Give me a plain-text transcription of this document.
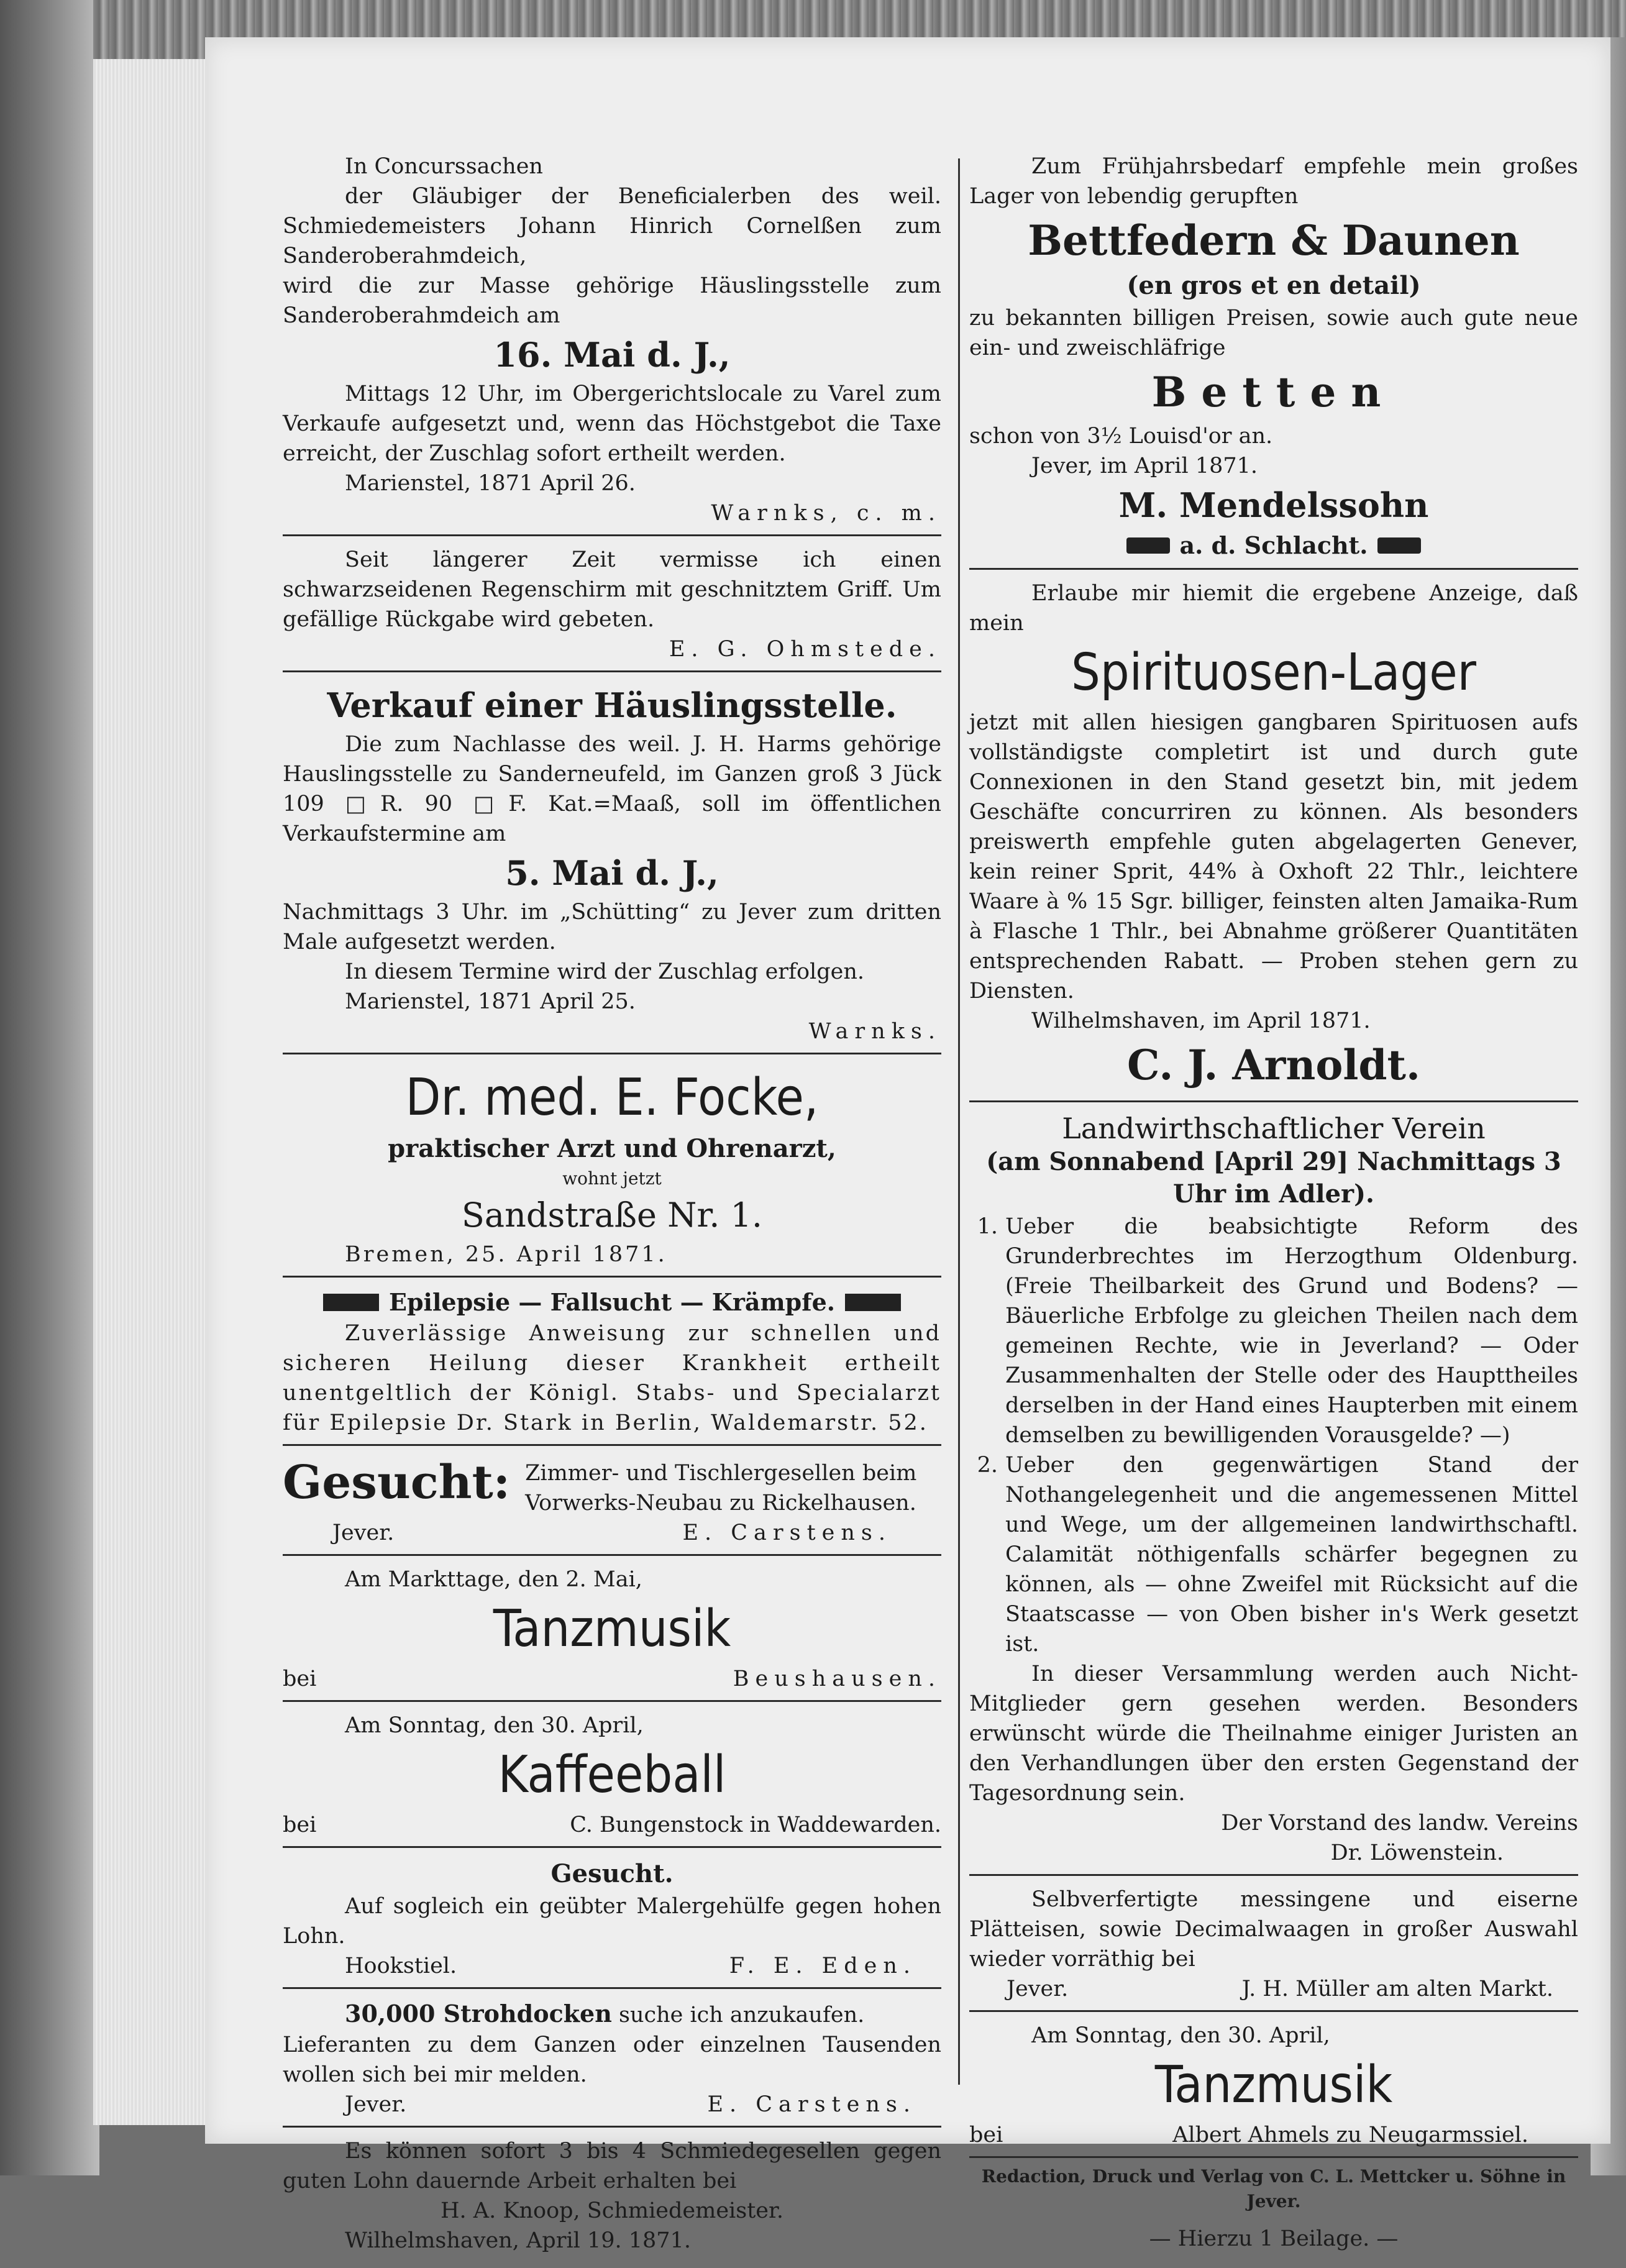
In Concurssachen

der Gläubiger der Beneficialerben des weil. Schmiedemeisters Johann Hinrich Cornelßen zum Sanderoberahmdeich,

wird die zur Masse gehörige Häuslingsstelle zum Sanderoberahmdeich am

16. Mai d. J.,

Mittags 12 Uhr, im Obergerichtslocale zu Varel zum Verkaufe aufgesetzt und, wenn das Höchstgebot die Taxe erreicht, der Zuschlag sofort ertheilt werden.

Marienstel, 1871 April 26.

Warnks, c. m.

Seit längerer Zeit vermisse ich einen schwarzseidenen Regenschirm mit geschnitztem Griff. Um gefällige Rückgabe wird gebeten.

E. G. Ohmstede.

Verkauf einer Häuslingsstelle.

Die zum Nachlasse des weil. J. H. Harms gehörige Hauslingsstelle zu Sanderneufeld, im Ganzen groß 3 Jück 109 □R. 90 □F. Kat.=Maaß, soll im öffentlichen Verkaufstermine am

5. Mai d. J.,

Nachmittags 3 Uhr. im „Schütting“ zu Jever zum dritten Male aufgesetzt werden.

In diesem Termine wird der Zuschlag erfolgen.

Marienstel, 1871 April 25.

Warnks.

Dr. med. E. Focke,
praktischer Arzt und Ohrenarzt,

wohnt jetzt

Sandstraße Nr. 1.

Bremen, 25. April 1871.

Epilepsie — Fallsucht — Krämpfe.

Zuverlässige Anweisung zur schnellen und sicheren Heilung dieser Krankheit ertheilt unentgeltlich der Königl. Stabs- und Specialarzt für Epilepsie Dr. Stark in Berlin, Waldemarstr. 52.

Gesucht: Zimmer- und Tischlergesellen beim Vorwerks-Neubau zu Rickelhausen.
Jever.	E. Carstens.

Am Markttage, den 2. Mai,

Tanzmusik
bei	Beushausen.

Am Sonntag, den 30. April,

Kaffeeball
bei	C. Bungenstock in Waddewarden.
Gesucht.

Auf sogleich ein geübter Malergehülfe gegen hohen Lohn.

Hookstiel.	F. E. Eden.

30,000 Strohdocken suche ich anzukaufen.

Lieferanten zu dem Ganzen oder einzelnen Tausenden wollen sich bei mir melden.

Jever.	E. Carstens.

Es können sofort 3 bis 4 Schmiedegesellen gegen guten Lohn dauernde Arbeit erhalten bei

H. A. Knoop, Schmiedemeister.

Wilhelmshaven, April 19. 1871.

Zum Frühjahrsbedarf empfehle mein großes Lager von lebendig gerupften

Bettfedern & Daunen
(en gros et en detail)

zu bekannten billigen Preisen, sowie auch gute neue ein- und zweischläfrige

Betten

schon von 3½ Louisd'or an.

Jever, im April 1871.

M. Mendelssohn
a. d. Schlacht.

Erlaube mir hiemit die ergebene Anzeige, daß mein

Spirituosen-Lager

jetzt mit allen hiesigen gangbaren Spirituosen aufs vollständigste completirt ist und durch gute Connexionen in den Stand gesetzt bin, mit jedem Geschäfte concurriren zu können. Als besonders preiswerth empfehle guten abgelagerten Genever, kein reiner Sprit, 44% à Oxhoft 22 Thlr., leichtere Waare à % 15 Sgr. billiger, feinsten alten Jamaika-Rum à Flasche 1 Thlr., bei Abnahme größerer Quantitäten entsprechenden Rabatt. — Proben stehen gern zu Diensten.

Wilhelmshaven, im April 1871.

C. J. Arnoldt.
Landwirthschaftlicher Verein
(am Sonnabend [April 29] Nachmittags 3 Uhr im Adler).
1. Ueber die beabsichtigte Reform des Grunderbrechtes im Herzogthum Oldenburg. (Freie Theilbarkeit des Grund und Bodens? — Bäuerliche Erbfolge zu gleichen Theilen nach dem gemeinen Rechte, wie in Jeverland? — Oder Zusammenhalten der Stelle oder des Haupttheiles derselben in der Hand eines Haupterben mit einem demselben zu bewilligenden Vorausgelde? —)
2. Ueber den gegenwärtigen Stand der Nothangelegenheit und die angemessenen Mittel und Wege, um der allgemeinen landwirthschaftl. Calamität nöthigenfalls schärfer begegnen zu können, als — ohne Zweifel mit Rücksicht auf die Staatscasse — von Oben bisher in's Werk gesetzt ist.

In dieser Versammlung werden auch Nicht-Mitglieder gern gesehen werden. Besonders erwünscht würde die Theilnahme einiger Juristen an den Verhandlungen über den ersten Gegenstand der Tagesordnung sein.

Der Vorstand des landw. Vereins

Dr. Löwenstein.

Selbverfertigte messingene und eiserne Plätteisen, sowie Decimalwaagen in großer Auswahl wieder vorräthig bei

Jever.	J. H. Müller am alten Markt.

Am Sonntag, den 30. April,

Tanzmusik
bei	Albert Ahmels zu Neugarmssiel.

Redaction, Druck und Verlag von C. L. Mettcker u. Söhne in Jever.

— Hierzu 1 Beilage. —
